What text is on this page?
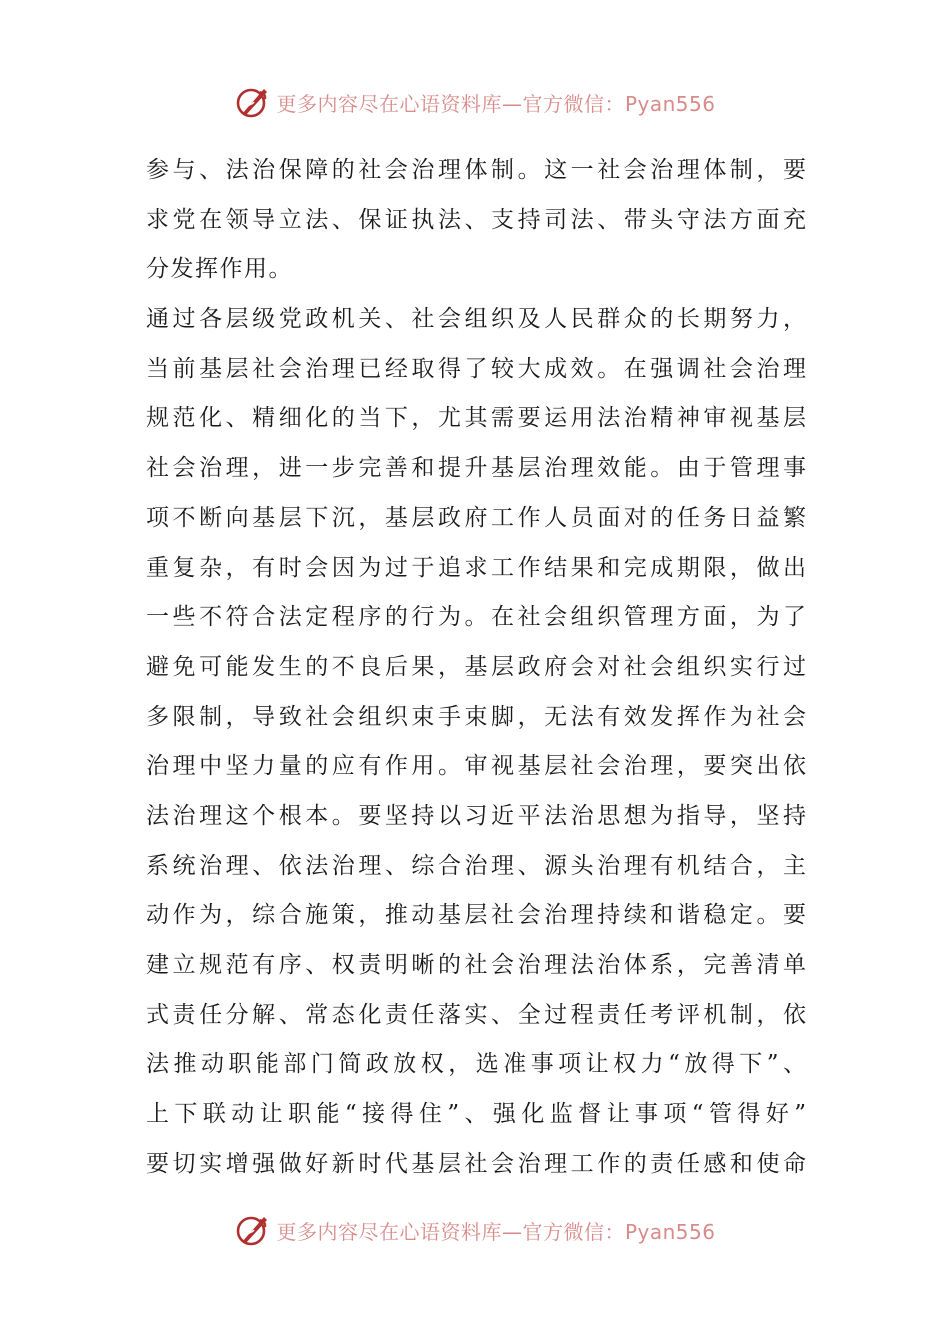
更多内容尽在心语资料库—官方微信：Pyan556
参与、法治保障的社会治理体制。这一社会治理体制，要
求党在领导立法、保证执法、支持司法、带头守法方面充
分发挥作用。
通过各层级党政机关、社会组织及人民群众的长期努力，
当前基层社会治理已经取得了较大成效。在强调社会治理
规范化、精细化的当下，尤其需要运用法治精神审视基层
社会治理，进一步完善和提升基层治理效能。由于管理事
项不断向基层下沉，基层政府工作人员面对的任务日益繁
重复杂，有时会因为过于追求工作结果和完成期限，做出
一些不符合法定程序的行为。在社会组织管理方面，为了
避免可能发生的不良后果，基层政府会对社会组织实行过
多限制，导致社会组织束手束脚，无法有效发挥作为社会
治理中坚力量的应有作用。审视基层社会治理，要突出依
法治理这个根本。要坚持以习近平法治思想为指导，坚持
系统治理、依法治理、综合治理、源头治理有机结合，主
动作为，综合施策，推动基层社会治理持续和谐稳定。要
建立规范有序、权责明晰的社会治理法治体系，完善清单
式责任分解、常态化责任落实、全过程责任考评机制，依
法推动职能部门简政放权，选准事项让权力“放得下”、
上下联动让职能“接得住”、强化监督让事项“管得好”
要切实增强做好新时代基层社会治理工作的责任感和使命
更多内容尽在心语资料库—官方微信：Pyan556
